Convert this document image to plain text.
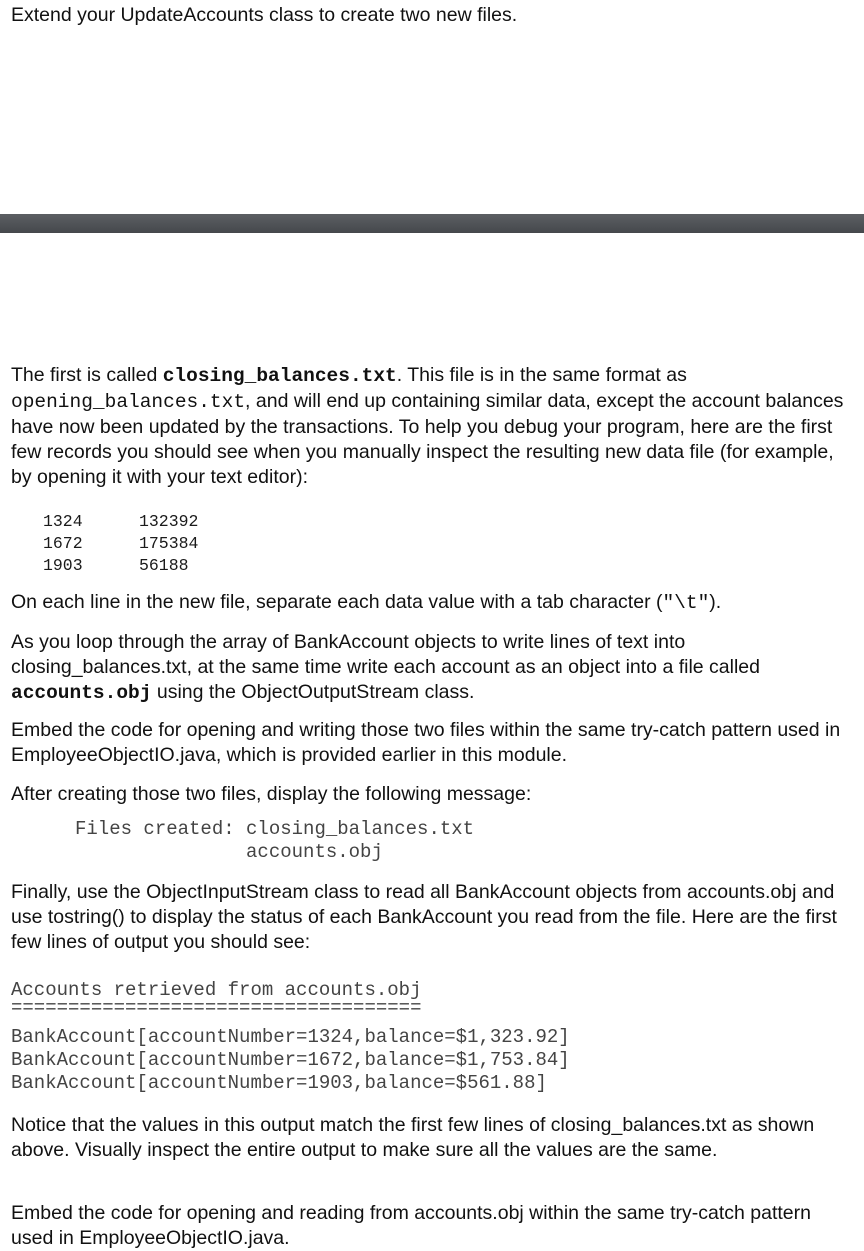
Extend your UpdateAccounts class to create two new files.

The first is called closing_balances.txt. This file is in the same format as opening_balances.txt, and will end up containing similar data, except the account balances have now been updated by the transactions. To help you debug your program, here are the first few records you should see when you manually inspect the resulting new data file (for example, by opening it with your text editor):

1324	132392
1672	175384
1903	56188

On each line in the new file, separate each data value with a tab character ("\t").

As you loop through the array of BankAccount objects to write lines of text into closing_balances.txt, at the same time write each account as an object into a file called accounts.obj using the ObjectOutputStream class.

Embed the code for opening and writing those two files within the same try-catch pattern used in EmployeeObjectIO.java, which is provided earlier in this module.

After creating those two files, display the following message:

Files created: closing_balances.txt
accounts.obj

Finally, use the ObjectInputStream class to read all BankAccount objects from accounts.obj and use tostring() to display the status of each BankAccount you read from the file. Here are the first few lines of output you should see:

Accounts retrieved from accounts.obj
====================================
BankAccount[accountNumber=1324,balance=$1,323.92]
BankAccount[accountNumber=1672,balance=$1,753.84]
BankAccount[accountNumber=1903,balance=$561.88]

Notice that the values in this output match the first few lines of closing_balances.txt as shown above. Visually inspect the entire output to make sure all the values are the same.

Embed the code for opening and reading from accounts.obj within the same try-catch pattern used in EmployeeObjectIO.java.
